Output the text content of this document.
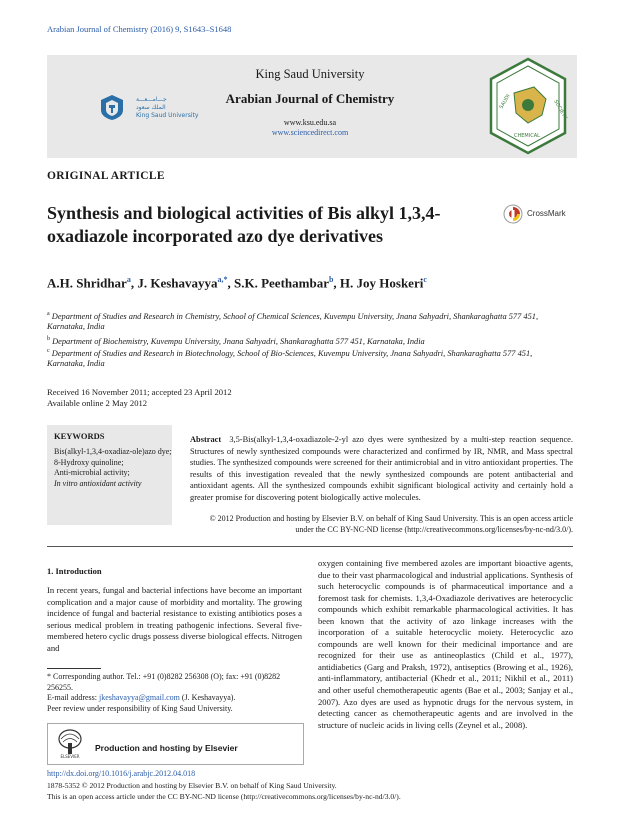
Arabian Journal of Chemistry (2016) 9, S1643–S1648
جـــامـــعـــة
الملك سعود
King Saud University
King Saud University
Arabian Journal of Chemistry
www.ksu.edu.sa
www.sciencedirect.com
SAUDI
CHEMICAL
SOCIETY
ORIGINAL ARTICLE
Synthesis and biological activities of Bis alkyl 1,3,4-oxadiazole incorporated azo dye derivatives
CrossMark
A.H. Shridhar$^a$, J. Keshavayya$^{a,*}$, S.K. Peethambar$^b$, H. Joy Hoskeri$^c$
$^a$ Department of Studies and Research in Chemistry, School of Chemical Sciences, Kuvempu University, Jnana Sahyadri, Shankaraghatta 577 451, Karnataka, India
$^b$ Department of Biochemistry, Kuvempu University, Jnana Sahyadri, Shankaraghatta 577 451, Karnataka, India
$^c$ Department of Studies and Research in Biotechnology, School of Bio-Sciences, Kuvempu University, Jnana Sahyadri, Shankaraghatta 577 451, Karnataka, India
Received 16 November 2011; accepted 23 April 2012
Available online 2 May 2012
KEYWORDS
Bis(alkyl-1,3,4-oxadiaz-ole)azo dye;
8-Hydroxy quinoline;
Anti-microbial activity;
In vitro antioxidant activity
Abstract 3,5-Bis(alkyl-1,3,4-oxadiazole-2-yl azo dyes were synthesized by a multi-step reaction sequence. Structures of newly synthesized compounds were characterized and confirmed by IR, NMR, and Mass spectral studies. The synthesized compounds were screened for their antimicrobial and in vitro antioxidant properties. The results of this investigation revealed that the newly synthesized compounds are potent antibacterial and antioxidant agents. All the synthesized compounds exhibit significant biological activity and certainly hold a greater promise for discovering potent biologically active molecules.
© 2012 Production and hosting by Elsevier B.V. on behalf of King Saud University. This is an open access article under the CC BY-NC-ND license (http://creativecommons.org/licenses/by-nc-nd/3.0/).
1. Introduction
In recent years, fungal and bacterial infections have become an important complication and a major cause of morbidity and mortality. The growing incidence of fungal and bacterial resistance to existing antibiotics poses a serious medical problem in treating pathogenic infections. Several five-membered hetero cyclic drugs possess diverse biological effects. Nitrogen and
oxygen containing five membered azoles are important bioactive agents, due to their vast pharmacological and industrial applications. Synthesis of such heterocyclic compounds is of pharmaceutical importance and a foremost task for chemists. 1,3,4-Oxadiazole derivatives are heterocyclic compounds which exhibit remarkable pharmacological activities. It has been known that the activity of azo linkage increases with the incorporation of a suitable heterocyclic moiety. Heterocyclic azo compounds are well known for their medicinal importance and are recognized for their use as antineoplastics (Child et al., 1977), antidiabetics (Garg and Praksh, 1972), antiseptics (Browing et al., 1926), anti-inflammatory, antibacterial (Khedr et al., 2011; Nikhil et al., 2011) and other useful chemotherapeutic agents (Bae et al., 2003; Sanjay et al., 2007). Azo dyes are used as hypnotic drugs for the nervous system, in detecting cancer as chemotherapeutic agents and are involved in the structure of nucleic acids in living cells (Zeynel et al., 2008).
* Corresponding author. Tel.: +91 (0)8282 256308 (O); fax: +91 (0)8282 256255.
E-mail address: jkeshavayya@gmail.com (J. Keshavayya).
Peer review under responsibility of King Saud University.
ELSEVIER
Production and hosting by Elsevier
http://dx.doi.org/10.1016/j.arabjc.2012.04.018
1878-5352 © 2012 Production and hosting by Elsevier B.V. on behalf of King Saud University.
This is an open access article under the CC BY-NC-ND license (http://creativecommons.org/licenses/by-nc-nd/3.0/).
